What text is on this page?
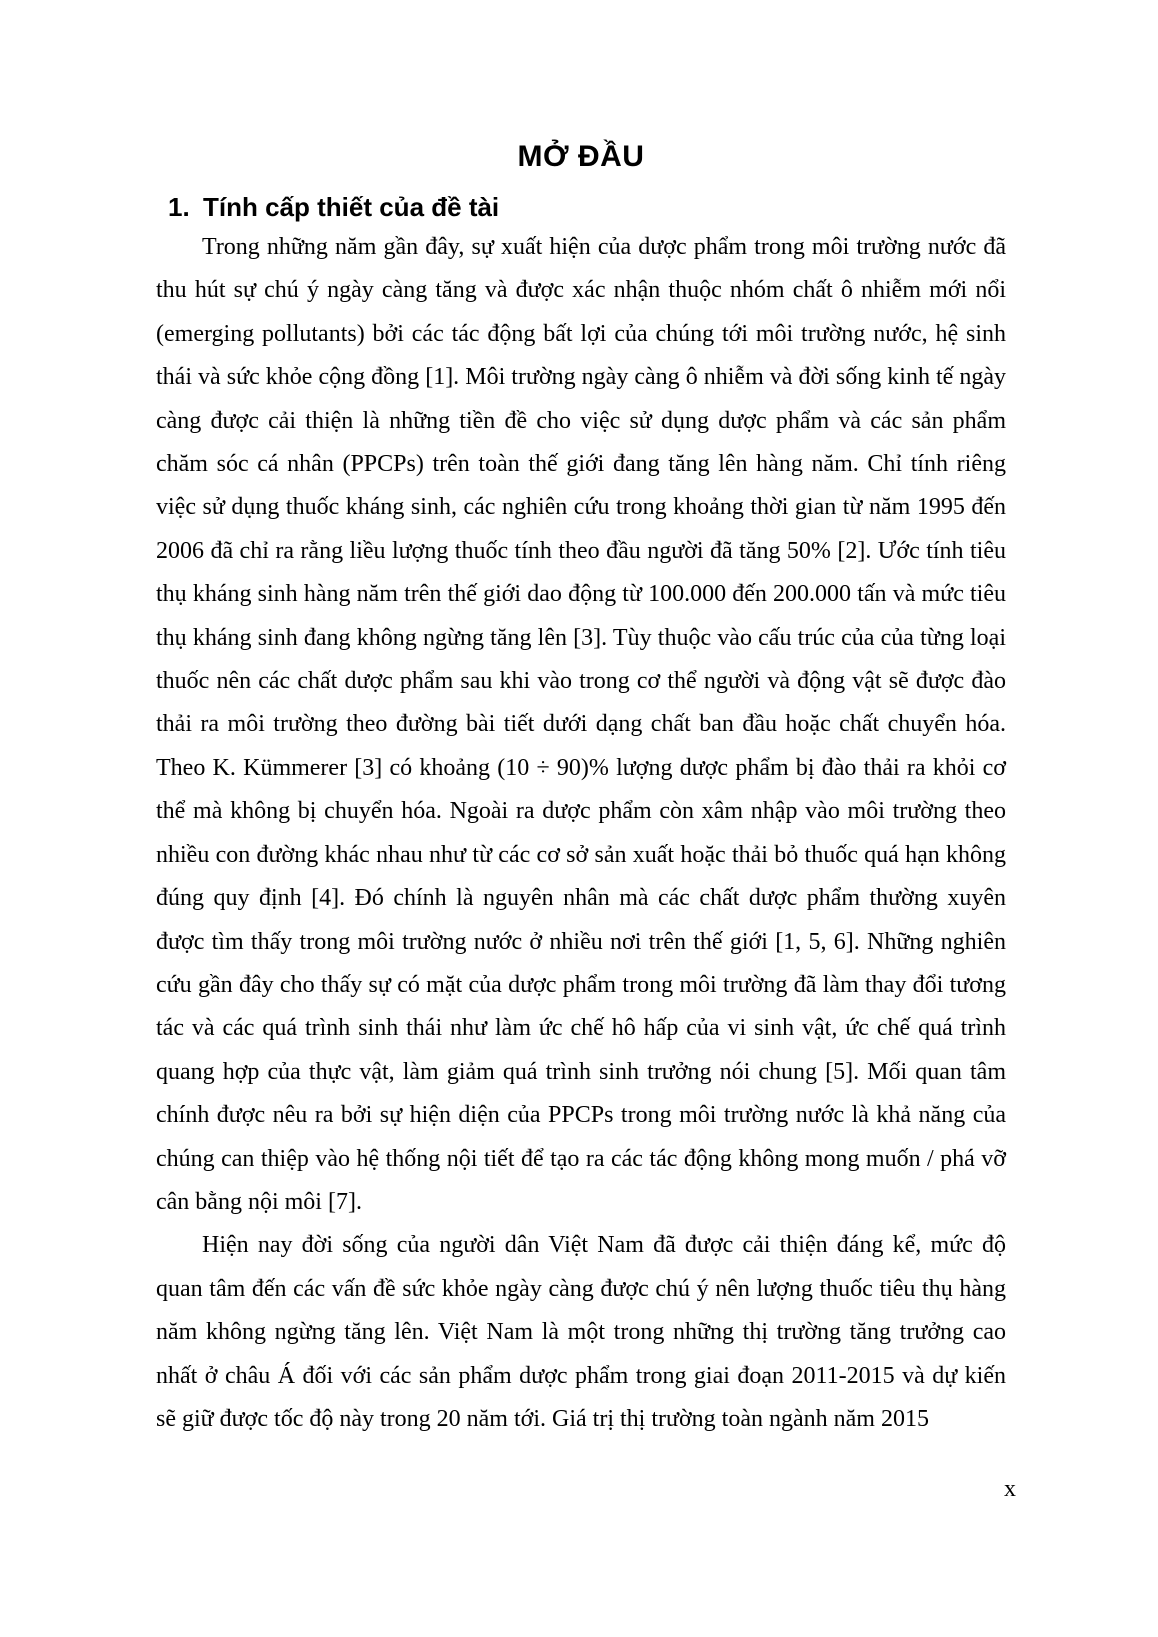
MỞ ĐẦU
1. Tính cấp thiết của đề tài

Trong những năm gần đây, sự xuất hiện của dược phẩm trong môi trường nước đã thu hút sự chú ý ngày càng tăng và được xác nhận thuộc nhóm chất ô nhiễm mới nổi (emerging pollutants) bởi các tác động bất lợi của chúng tới môi trường nước, hệ sinh thái và sức khỏe cộng đồng [1]. Môi trường ngày càng ô nhiễm và đời sống kinh tế ngày càng được cải thiện là những tiền đề cho việc sử dụng dược phẩm và các sản phẩm chăm sóc cá nhân (PPCPs) trên toàn thế giới đang tăng lên hàng năm. Chỉ tính riêng việc sử dụng thuốc kháng sinh, các nghiên cứu trong khoảng thời gian từ năm 1995 đến 2006 đã chỉ ra rằng liều lượng thuốc tính theo đầu người đã tăng 50% [2]. Ước tính tiêu thụ kháng sinh hàng năm trên thế giới dao động từ 100.000 đến 200.000 tấn và mức tiêu thụ kháng sinh đang không ngừng tăng lên [3]. Tùy thuộc vào cấu trúc của của từng loại thuốc nên các chất dược phẩm sau khi vào trong cơ thể người và động vật sẽ được đào thải ra môi trường theo đường bài tiết dưới dạng chất ban đầu hoặc chất chuyển hóa. Theo K. Kümmerer [3] có khoảng (10 ÷ 90)% lượng dược phẩm bị đào thải ra khỏi cơ thể mà không bị chuyển hóa. Ngoài ra dược phẩm còn xâm nhập vào môi trường theo nhiều con đường khác nhau như từ các cơ sở sản xuất hoặc thải bỏ thuốc quá hạn không đúng quy định [4]. Đó chính là nguyên nhân mà các chất dược phẩm thường xuyên được tìm thấy trong môi trường nước ở nhiều nơi trên thế giới [1, 5, 6]. Những nghiên cứu gần đây cho thấy sự có mặt của dược phẩm trong môi trường đã làm thay đổi tương tác và các quá trình sinh thái như làm ức chế hô hấp của vi sinh vật, ức chế quá trình quang hợp của thực vật, làm giảm quá trình sinh trưởng nói chung [5]. Mối quan tâm chính được nêu ra bởi sự hiện diện của PPCPs trong môi trường nước là khả năng của chúng can thiệp vào hệ thống nội tiết để tạo ra các tác động không mong muốn / phá vỡ cân bằng nội môi [7].

Hiện nay đời sống của người dân Việt Nam đã được cải thiện đáng kể, mức độ quan tâm đến các vấn đề sức khỏe ngày càng được chú ý nên lượng thuốc tiêu thụ hàng năm không ngừng tăng lên. Việt Nam là một trong những thị trường tăng trưởng cao nhất ở châu Á đối với các sản phẩm dược phẩm trong giai đoạn 2011-2015 và dự kiến sẽ giữ được tốc độ này trong 20 năm tới. Giá trị thị trường toàn ngành năm 2015

x
